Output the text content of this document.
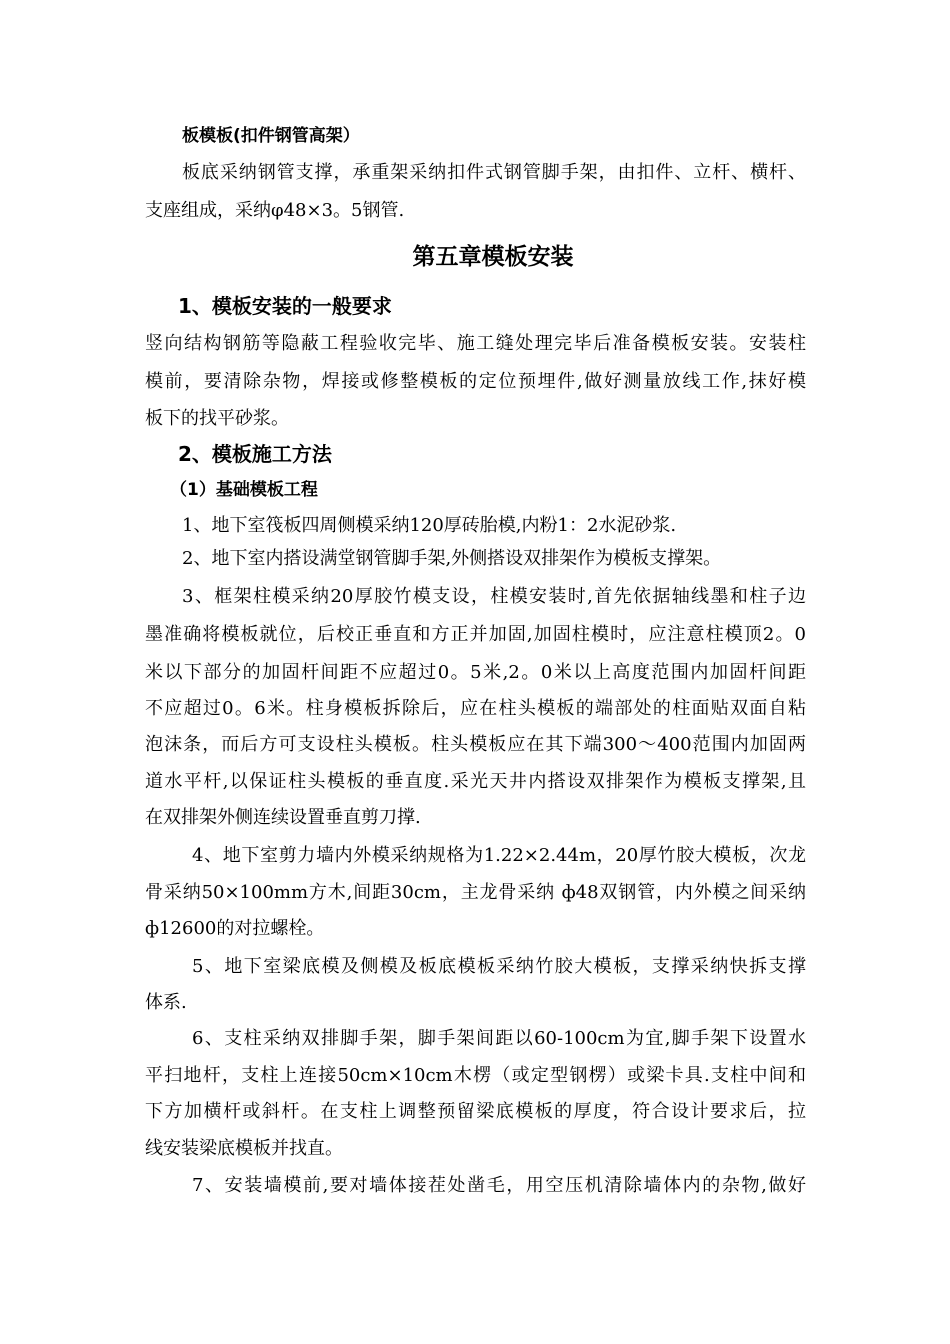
板模板(扣件钢管高架）
板底采纳钢管支撑，承重架采纳扣件式钢管脚手架，由扣件、立杆、横杆、
支座组成，采纳φ48×3。5钢管.
第五章模板安装
1、模板安装的一般要求
竖向结构钢筋等隐蔽工程验收完毕、施工缝处理完毕后准备模板安装。安装柱
模前，要清除杂物，焊接或修整模板的定位预埋件,做好测量放线工作,抹好模
板下的找平砂浆。
2、模板施工方法
（1）基础模板工程
1、地下室筏板四周侧模采纳120厚砖胎模,内粉1：2水泥砂浆.
2、地下室内搭设满堂钢管脚手架,外侧搭设双排架作为模板支撑架。
3、框架柱模采纳20厚胶竹模支设，柱模安装时,首先依据轴线墨和柱子边
墨准确将模板就位，后校正垂直和方正并加固,加固柱模时，应注意柱模顶2。0
米以下部分的加固杆间距不应超过0。5米,2。0米以上高度范围内加固杆间距
不应超过0。6米。柱身模板拆除后，应在柱头模板的端部处的柱面贴双面自粘
泡沫条，而后方可支设柱头模板。柱头模板应在其下端300～400范围内加固两
道水平杆,以保证柱头模板的垂直度.采光天井内搭设双排架作为模板支撑架,且
在双排架外侧连续设置垂直剪刀撑.
4、地下室剪力墙内外模采纳规格为1.22×2.44m，20厚竹胶大模板，次龙
骨采纳50×100mm方木,间距30cm，主龙骨采纳 ф48双钢管，内外模之间采纳
ф12600的对拉螺栓。
5、地下室梁底模及侧模及板底模板采纳竹胶大模板，支撑采纳快拆支撑
体系.
6、支柱采纳双排脚手架，脚手架间距以60-100cm为宜,脚手架下设置水
平扫地杆，支柱上连接50cm×10cm木楞（或定型钢楞）或梁卡具.支柱中间和
下方加横杆或斜杆。在支柱上调整预留梁底模板的厚度，符合设计要求后，拉
线安装梁底模板并找直。
7、安装墙模前,要对墙体接茬处凿毛，用空压机清除墙体内的杂物,做好
